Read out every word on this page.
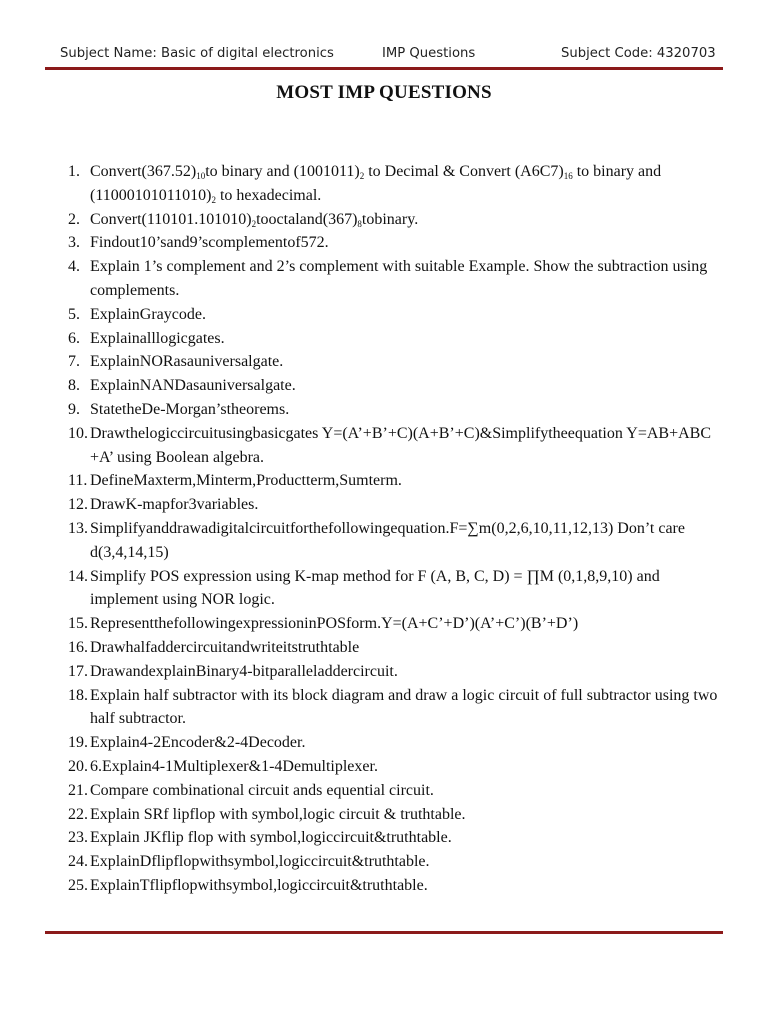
Subject Name: Basic of digital electronics	IMP Questions	Subject Code: 4320703
MOST IMP QUESTIONS
1. $Convert(367.52)_{10}to$ binary and $(1001011)_2$ to Decimal & Convert $(A6C7)_{16}$ to binary and $(11000101011010)_2$ to hexadecimal.
2. $Convert(110101.101010)_2tooctaland(367)_8tobinary$.
3. Findout10’sand9’scomplementof572.
4. Explain 1’s complement and 2’s complement with suitable Example. Show the subtraction using complements.
5. ExplainGraycode.
6. Explainalllogicgates.
7. ExplainNORasauniversalgate.
8. ExplainNANDasauniversalgate.
9. StatetheDe-Morgan’stheorems.
10. Drawthelogiccircuitusingbasicgates Y=(A’+B’+C)(A+B’+C)&Simplifytheequation Y=AB+ABC +A’ using Boolean algebra.
11. DefineMaxterm,Minterm,Productterm,Sumterm.
12. DrawK-mapfor3variables.
13. Simplifyanddrawadigitalcircuitforthefollowingequation.F=∑m(0,2,6,10,11,12,13) Don’t care d(3,4,14,15)
14. Simplify POS expression using K-map method for F (A, B, C, D) = ∏M (0,1,8,9,10) and implement using NOR logic.
15. RepresentthefollowingexpressioninPOSform.Y=(A+C’+D’)(A’+C’)(B’+D’)
16. Drawhalfaddercircuitandwriteitstruthtable
17. DrawandexplainBinary4-bitparalleladdercircuit.
18. Explain half subtractor with its block diagram and draw a logic circuit of full subtractor using two half subtractor.
19. Explain4-2Encoder&2-4Decoder.
20. 6.Explain4-1Multiplexer&1-4Demultiplexer.
21. Compare combinational circuit ands equential circuit.
22. Explain SRf lipflop with symbol,logic circuit & truthtable.
23. Explain JKflip flop with symbol,logiccircuit&truthtable.
24. ExplainDflipflopwithsymbol,logiccircuit&truthtable.
25. ExplainTflipflopwithsymbol,logiccircuit&truthtable.
